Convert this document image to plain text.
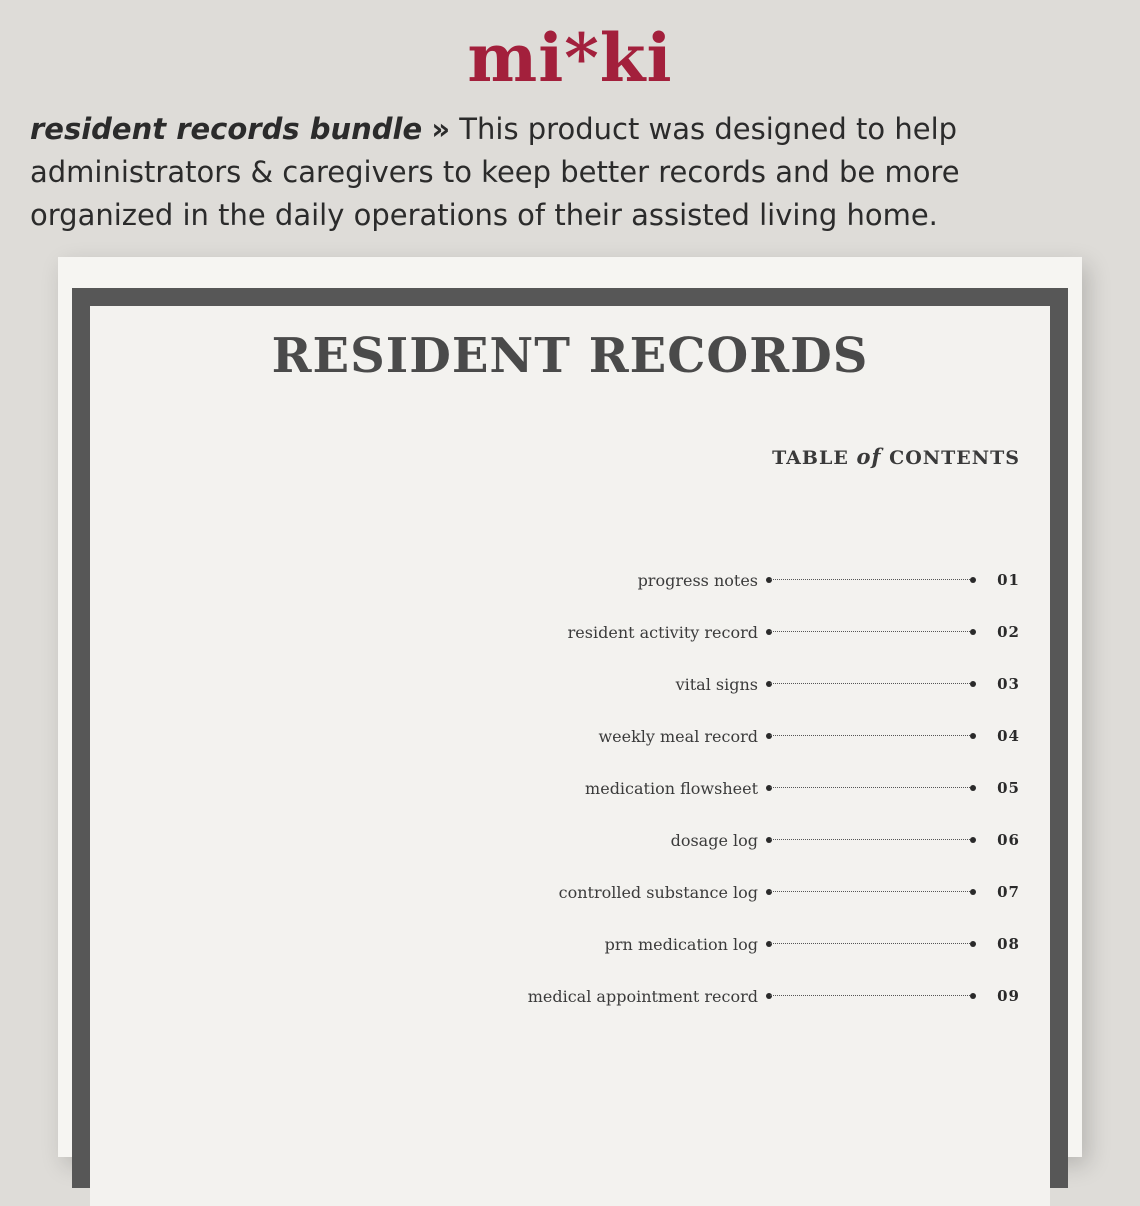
mi*ki
resident records bundle » This product was designed to help administrators & caregivers to keep better records and be more organized in the daily operations of their assisted living home.
RESIDENT RECORDS
TABLE of CONTENTS
progress notes	01
resident activity record	02
vital signs	03
weekly meal record	04
medication flowsheet	05
dosage log	06
controlled substance log	07
prn medication log	08
medical appointment record	09
